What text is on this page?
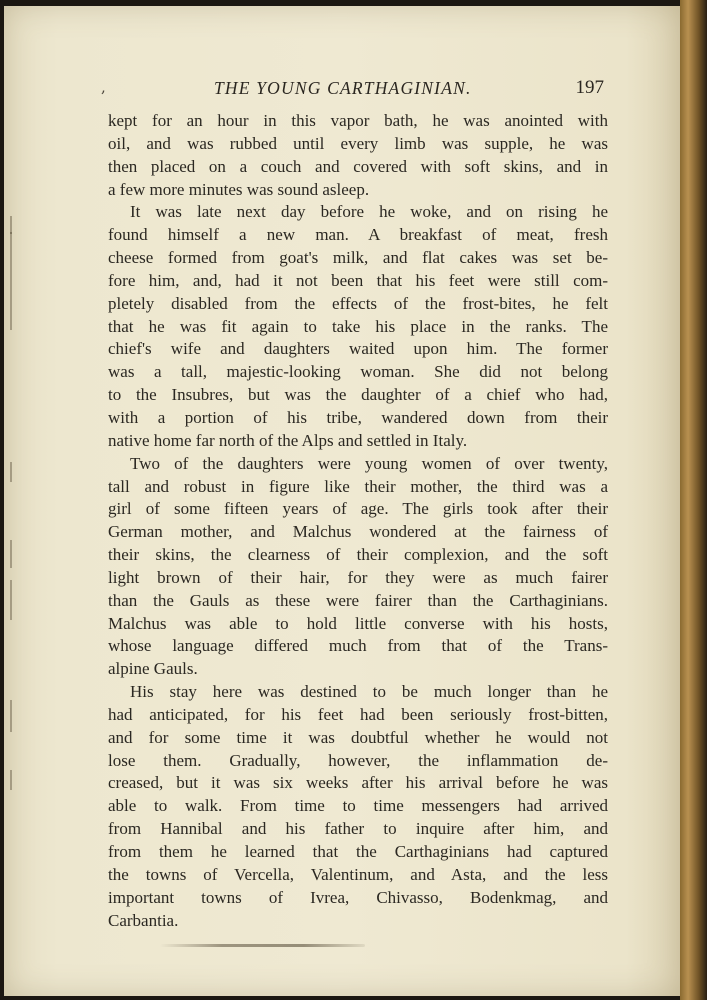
,	THE YOUNG CARTHAGINIAN.	197

kept for an hour in this vapor bath, he was anointed with
oil, and was rubbed until every limb was supple, he was
then placed on a couch and covered with soft skins, and in
a few more minutes was sound asleep.

It was late next day before he woke, and on rising he
found himself a new man. A breakfast of meat, fresh
cheese formed from goat's milk, and flat cakes was set be-
fore him, and, had it not been that his feet were still com-
pletely disabled from the effects of the frost-bites, he felt
that he was fit again to take his place in the ranks. The
chief's wife and daughters waited upon him. The former
was a tall, majestic-looking woman. She did not belong
to the Insubres, but was the daughter of a chief who had,
with a portion of his tribe, wandered down from their
native home far north of the Alps and settled in Italy.

Two of the daughters were young women of over twenty,
tall and robust in figure like their mother, the third was a
girl of some fifteen years of age. The girls took after their
German mother, and Malchus wondered at the fairness of
their skins, the clearness of their complexion, and the soft
light brown of their hair, for they were as much fairer
than the Gauls as these were fairer than the Carthaginians.
Malchus was able to hold little converse with his hosts,
whose language differed much from that of the Trans-
alpine Gauls.

His stay here was destined to be much longer than he
had anticipated, for his feet had been seriously frost-bitten,
and for some time it was doubtful whether he would not
lose them. Gradually, however, the inflammation de-
creased, but it was six weeks after his arrival before he was
able to walk. From time to time messengers had arrived
from Hannibal and his father to inquire after him, and
from them he learned that the Carthaginians had captured
the towns of Vercella, Valentinum, and Asta, and the less
important towns of Ivrea, Chivasso, Bodenkmag, and
Carbantia.
